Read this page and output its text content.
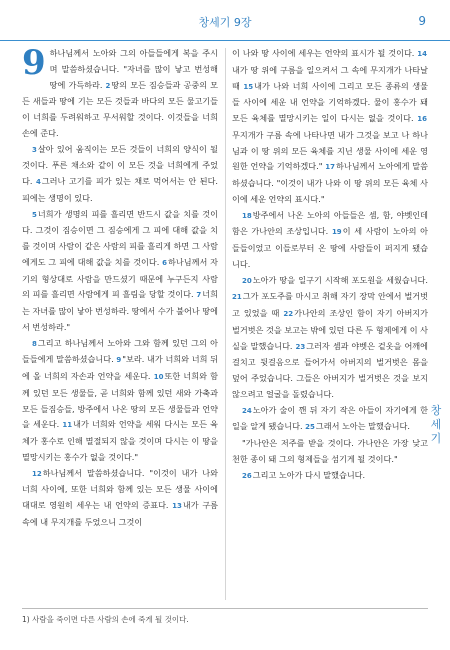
창세기 9장	9
9 하나님께서 노아와 그의 아들들에게 복을 주시며 말씀하셨습니다. "자녀를 많이 낳고 번성해 땅에 가득하라. 2땅의 모든 짐승들과 공중의 모든 새들과 땅에 기는 모든 것들과 바다의 모든 물고기들이 너희를 두려워하고 무서워할 것이다. 이것들을 너희 손에 준다.

3살아 있어 움직이는 모든 것들이 너희의 양식이 될 것이다. 푸른 채소와 같이 이 모든 것을 너희에게 주었다. 4그러나 고기를 피가 있는 채로 먹어서는 안 된다. 피에는 생명이 있다.

5너희가 생명의 피를 흘리면 반드시 값을 치를 것이다. 그것이 짐승이면 그 짐승에게 그 피에 대해 값을 치를 것이며 사람이 같은 사람의 피를 흘리게 하면 그 사람에게도 그 피에 대해 값을 치를 것이다. 6하나님께서 자기의 형상대로 사람을 만드셨기 때문에 누구든지 사람의 피를 흘리면 사람에게 피 흘림을 당할 것이다. 7너희는 자녀를 많이 낳아 번성하라. 땅에서 수가 불어나 땅에서 번성하라."

8그리고 하나님께서 노아와 그와 함께 있던 그의 아들들에게 말씀하셨습니다. 9"보라. 내가 너희와 너희 뒤에 올 너희의 자손과 언약을 세운다. 10또한 너희와 함께 있던 모든 생물들, 곧 너희와 함께 있던 새와 가축과 모든 들짐승들, 방주에서 나온 땅의 모든 생물들과 언약을 세운다. 11내가 너희와 언약을 세워 다시는 모든 육체가 홍수로 인해 멸절되지 않을 것이며 다시는 이 땅을 멸망시키는 홍수가 없을 것이다."

12하나님께서 말씀하셨습니다. "이것이 내가 나와 너희 사이에, 또한 너희와 함께 있는 모든 생물 사이에 대대로 영원히 세우는 내 언약의 증표다. 13내가 구름 속에 내 무지개를 두었으니 그것이

이 나와 땅 사이에 세우는 언약의 표시가 될 것이다. 14내가 땅 위에 구름을 일으켜서 그 속에 무지개가 나타날 때 15내가 나와 너희 사이에 그리고 모든 종류의 생물들 사이에 세운 내 언약을 기억하겠다. 물이 홍수가 돼 모든 육체를 멸망시키는 일이 다시는 없을 것이다. 16무지개가 구름 속에 나타나면 내가 그것을 보고 나 하나님과 이 땅 위의 모든 육체를 지닌 생물 사이에 세운 영원한 언약을 기억하겠다." 17하나님께서 노아에게 말씀하셨습니다. "이것이 내가 나와 이 땅 위의 모든 육체 사이에 세운 언약의 표시다."

18방주에서 나온 노아의 아들들은 셈, 함, 야벳인데 함은 가나안의 조상입니다. 19이 세 사람이 노아의 아들들이었고 이들로부터 온 땅에 사람들이 퍼지게 됐습니다.

20노아가 땅을 일구기 시작해 포도원을 세웠습니다. 21그가 포도주를 마시고 취해 자기 장막 안에서 벌거벗고 있었을 때 22가나안의 조상인 함이 자기 아버지가 벌거벗은 것을 보고는 밖에 있던 다른 두 형제에게 이 사실을 말했습니다. 23그러자 셈과 야벳은 겉옷을 어깨에 걸치고 뒷걸음으로 들어가서 아버지의 벌거벗은 몸을 덮어 주었습니다. 그들은 아버지가 벌거벗은 것을 보지 않으려고 얼굴을 돌렸습니다.

24노아가 술이 깬 뒤 자기 작은 아들이 자기에게 한 일을 알게 됐습니다. 25그래서 노아는 말했습니다.

"가나안은 저주를 받을 것이다. 가나안은 가장 낮고 천한 종이 돼 그의 형제들을 섬기게 될 것이다."

26그리고 노아가 다시 말했습니다.

창세기
1) 사람을 죽이면 다른 사람의 손에 죽게 될 것이다.
